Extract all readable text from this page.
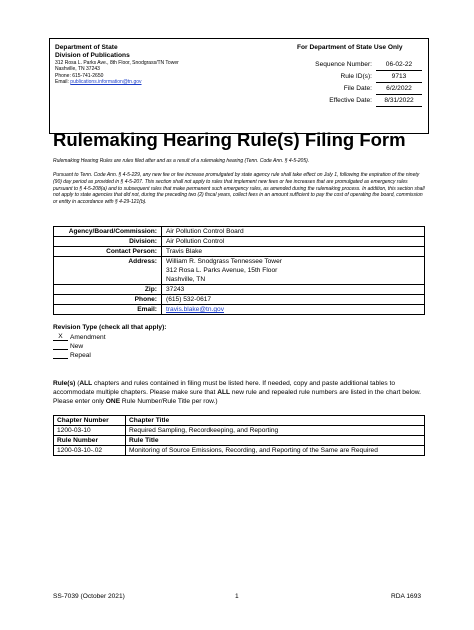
Department of State
Division of Publications
312 Rosa L. Parks Ave., 8th Floor, Snodgrass/TN Tower
Nashville, TN 37243
Phone: 615-741-2650
Email: publications.information@tn.gov
For Department of State Use Only
Sequence Number:	06-02-22
Rule ID(s):	9713
File Date:	6/2/2022
Effective Date:	8/31/2022
Rulemaking Hearing Rule(s) Filing Form
Rulemaking Hearing Rules are rules filed after and as a result of a rulemaking hearing (Tenn. Code Ann. § 4-5-205).
Pursuant to Tenn. Code Ann. § 4-5-229, any new fee or fee increase promulgated by state agency rule shall take effect on July 1, following the expiration of the ninety (90) day period as provided in § 4-5-207. This section shall not apply to rules that implement new fees or fee increases that are promulgated as emergency rules pursuant to § 4-5-208(a) and to subsequent rules that make permanent such emergency rules, as amended during the rulemaking process. In addition, this section shall not apply to state agencies that did not, during the preceding two (2) fiscal years, collect fees in an amount sufficient to pay the cost of operating the board, commission or entity in accordance with § 4-29-121(b).
Agency/Board/Commission:	Air Pollution Control Board
Division:	Air Pollution Control
Contact Person:	Travis Blake
Address:	William R. Snodgrass Tennessee Tower
312 Rosa L. Parks Avenue, 15th Floor
Nashville, TN

Zip:	37243
Phone:	(615) 532-0617
Email:	travis.blake@tn.gov
Revision Type (check all that apply):
X Amendment
New
Repeal
Rule(s) (ALL chapters and rules contained in filing must be listed here. If needed, copy and paste additional tables to accommodate multiple chapters. Please make sure that ALL new rule and repealed rule numbers are listed in the chart below. Please enter only ONE Rule Number/Rule Title per row.)
Chapter Number	Chapter Title
1200-03-10	Required Sampling, Recordkeeping, and Reporting
Rule Number	Rule Title
1200-03-10-.02	Monitoring of Source Emissions, Recording, and Reporting of the Same are Required
SS-7039 (October 2021)	1	RDA 1693
